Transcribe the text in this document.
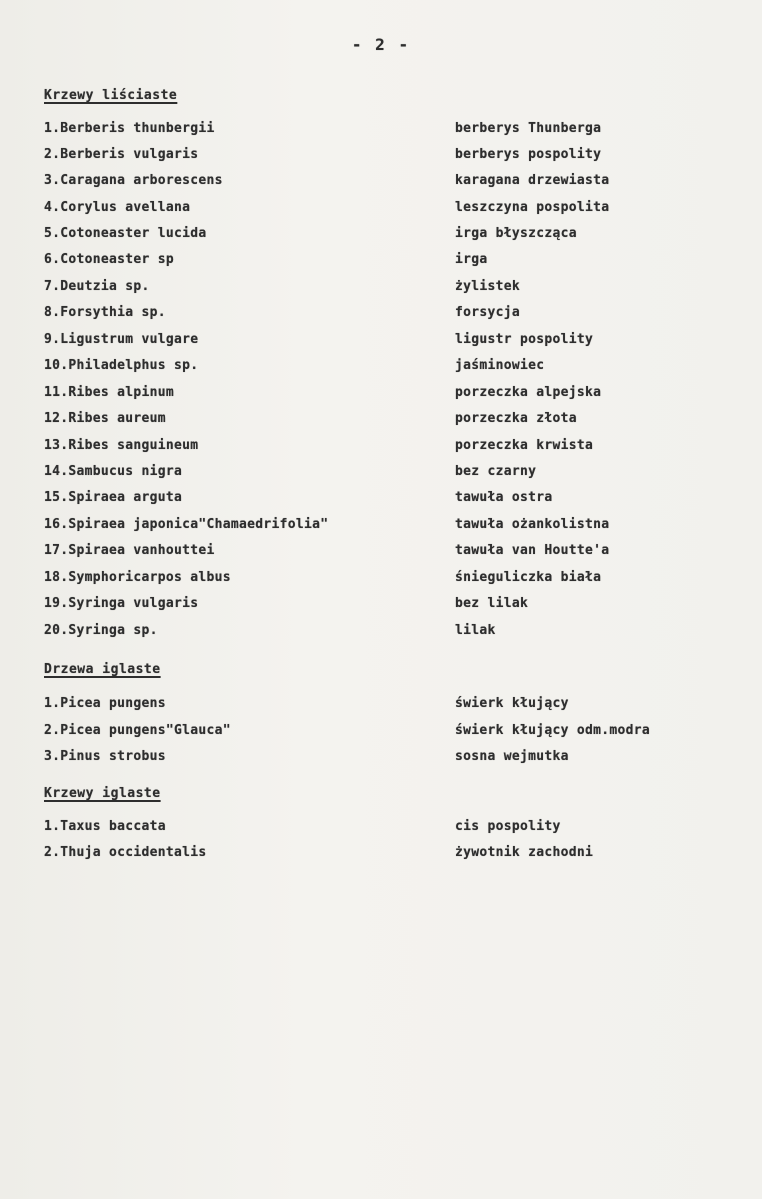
- 2 -
Krzewy liściaste
1.Berberis thunbergii	berberys Thunberga
2.Berberis vulgaris	berberys pospolity
3.Caragana arborescens	karagana drzewiasta
4.Corylus avellana	leszczyna pospolita
5.Cotoneaster lucida	irga błyszcząca
6.Cotoneaster sp	irga
7.Deutzia sp.	żylistek
8.Forsythia sp.	forsycja
9.Ligustrum vulgare	ligustr pospolity
10.Philadelphus sp.	jaśminowiec
11.Ribes alpinum	porzeczka alpejska
12.Ribes aureum	porzeczka złota
13.Ribes sanguineum	porzeczka krwista
14.Sambucus nigra	bez czarny
15.Spiraea arguta	tawuła ostra
16.Spiraea japonica"Chamaedrifolia"	tawuła ożankolistna
17.Spiraea vanhouttei	tawuła van Houtte'a
18.Symphoricarpos albus	śnieguliczka biała
19.Syringa vulgaris	bez lilak
20.Syringa sp.	lilak
Drzewa iglaste
1.Picea pungens	świerk kłujący
2.Picea pungens"Glauca"	świerk kłujący odm.modra
3.Pinus strobus	sosna wejmutka
Krzewy iglaste
1.Taxus baccata	cis pospolity
2.Thuja occidentalis	żywotnik zachodni
